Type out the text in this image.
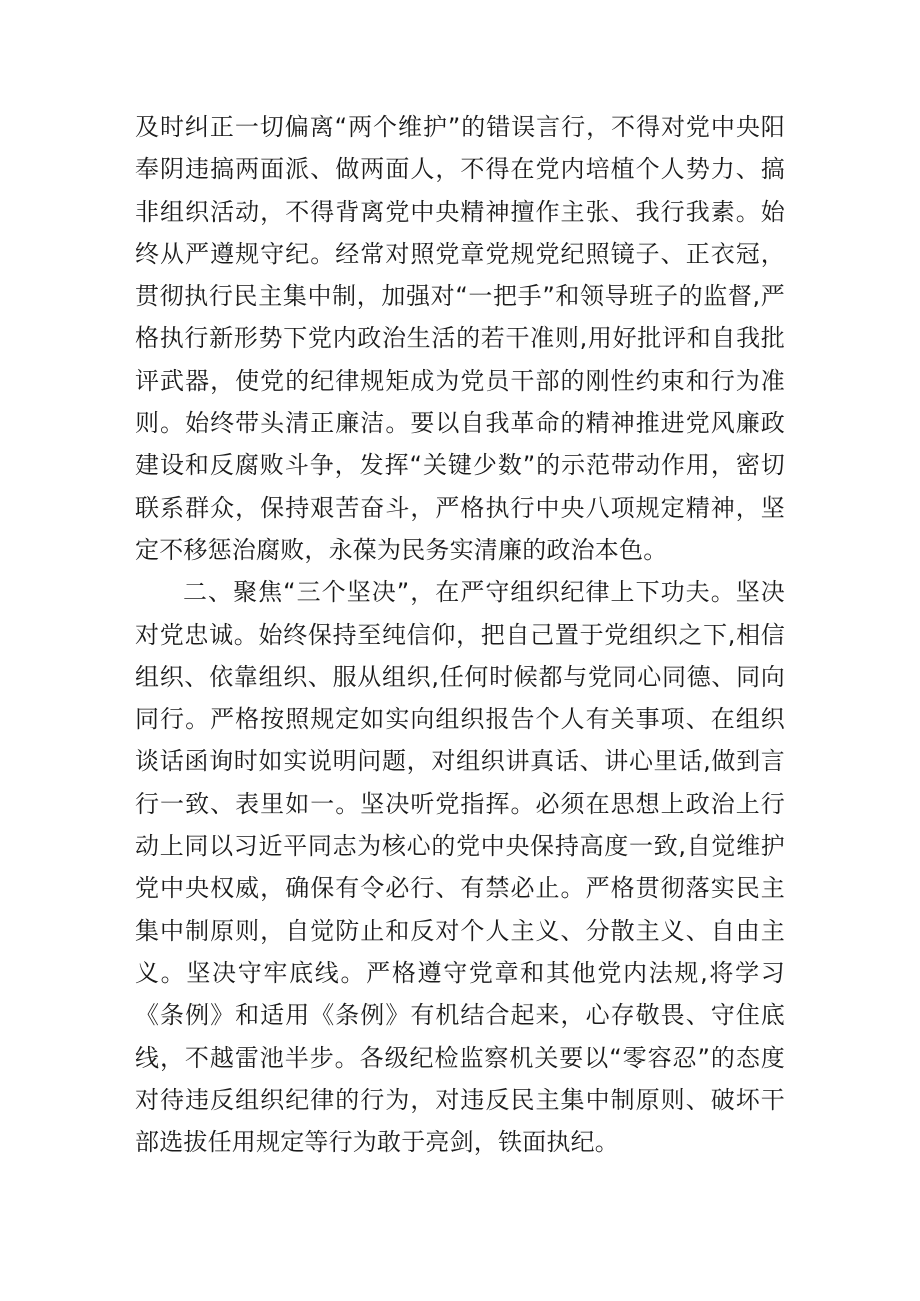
及时纠正一切偏离“两个维护”的错误言行，不得对党中央阳奉阴违搞两面派、做两面人，不得在党内培植个人势力、搞非组织活动，不得背离党中央精神擅作主张、我行我素。始终从严遵规守纪。经常对照党章党规党纪照镜子、正衣冠，贯彻执行民主集中制，加强对“一把手”和领导班子的监督,严格执行新形势下党内政治生活的若干准则,用好批评和自我批评武器，使党的纪律规矩成为党员干部的刚性约束和行为准则。始终带头清正廉洁。要以自我革命的精神推进党风廉政建设和反腐败斗争，发挥“关键少数”的示范带动作用，密切联系群众，保持艰苦奋斗，严格执行中央八项规定精神，坚定不移惩治腐败，永葆为民务实清廉的政治本色。

二、聚焦“三个坚决”，在严守组织纪律上下功夫。坚决对党忠诚。始终保持至纯信仰，把自己置于党组织之下,相信组织、依靠组织、服从组织,任何时候都与党同心同德、同向同行。严格按照规定如实向组织报告个人有关事项、在组织谈话函询时如实说明问题，对组织讲真话、讲心里话,做到言行一致、表里如一。坚决听党指挥。必须在思想上政治上行动上同以习近平同志为核心的党中央保持高度一致,自觉维护党中央权威，确保有令必行、有禁必止。严格贯彻落实民主集中制原则，自觉防止和反对个人主义、分散主义、自由主义。坚决守牢底线。严格遵守党章和其他党内法规,将学习《条例》和适用《条例》有机结合起来，心存敬畏、守住底线，不越雷池半步。各级纪检监察机关要以“零容忍”的态度对待违反组织纪律的行为，对违反民主集中制原则、破坏干部选拔任用规定等行为敢于亮剑，铁面执纪。
